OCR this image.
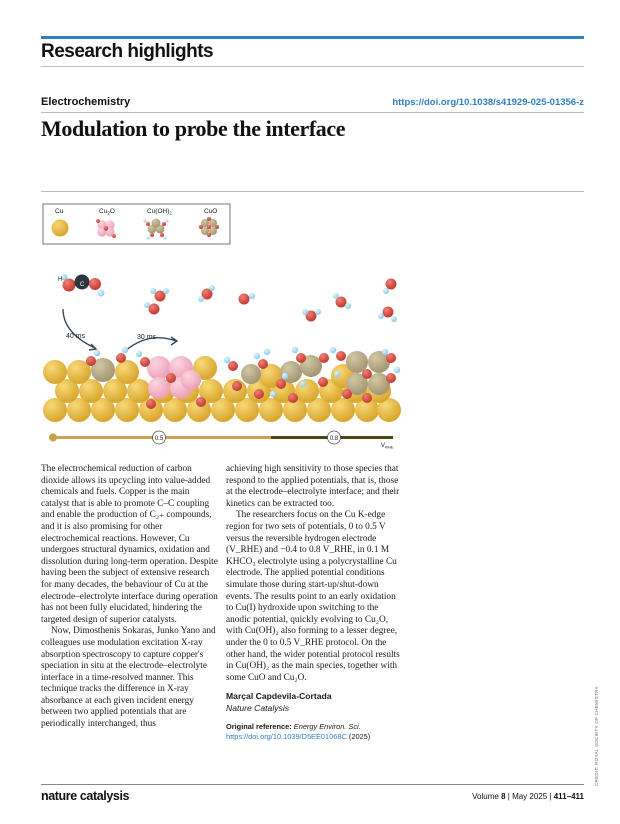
Research highlights
Electrochemistry	https://doi.org/10.1038/s41929-025-01356-z
Modulation to probe the interface
Cu	$Cu_2O$	$Cu(OH)_2$	CuO
H
C
40 ms	30 ms
0.5	0.8
$V_{RHE}$

The electrochemical reduction of carbon dioxide allows its upcycling into value-added chemicals and fuels. Copper is the main catalyst that is able to promote C–C coupling and enable the production of C₂₊ compounds, and it is also promising for other electrochemical reactions. However, Cu undergoes structural dynamics, oxidation and dissolution during long-term operation. Despite having been the subject of extensive research for many decades, the behaviour of Cu at the electrode–electrolyte interface during operation has not been fully elucidated, hindering the targeted design of superior catalysts.

Now, Dimosthenis Sokaras, Junko Yano and colleagues use modulation excitation X-ray absorption spectroscopy to capture copper's speciation in situ at the electrode–electrolyte interface in a time-resolved manner. This technique tracks the difference in X-ray absorbance at each given incident energy between two applied potentials that are periodically interchanged, thus

achieving high sensitivity to those species that respond to the applied potentials, that is, those at the electrode–electrolyte interface; and their kinetics can be extracted too.

The researchers focus on the Cu K-edge region for two sets of potentials, 0 to 0.5 V versus the reversible hydrogen electrode (V_RHE) and −0.4 to 0.8 V_RHE, in 0.1 M KHCO₃ electrolyte using a polycrystalline Cu electrode. The applied potential conditions simulate those during start-up/shut-down events. The results point to an early oxidation to Cu(I) hydroxide upon switching to the anodic potential, quickly evolving to Cu₂O, with Cu(OH)₂ also forming to a lesser degree, under the 0 to 0.5 V_RHE protocol. On the other hand, the wider potential protocol results in Cu(OH)₂ as the main species, together with some CuO and Cu₂O.

Marçal Capdevila-Cortada

Nature Catalysis

Original reference: Energy Environ. Sci. https://doi.org/10.1039/D5EE01068C (2025)	CREDIT: ROYAL SOCIETY OF CHEMISTRY
nature catalysis	Volume 8 | May 2025 | 411–411
